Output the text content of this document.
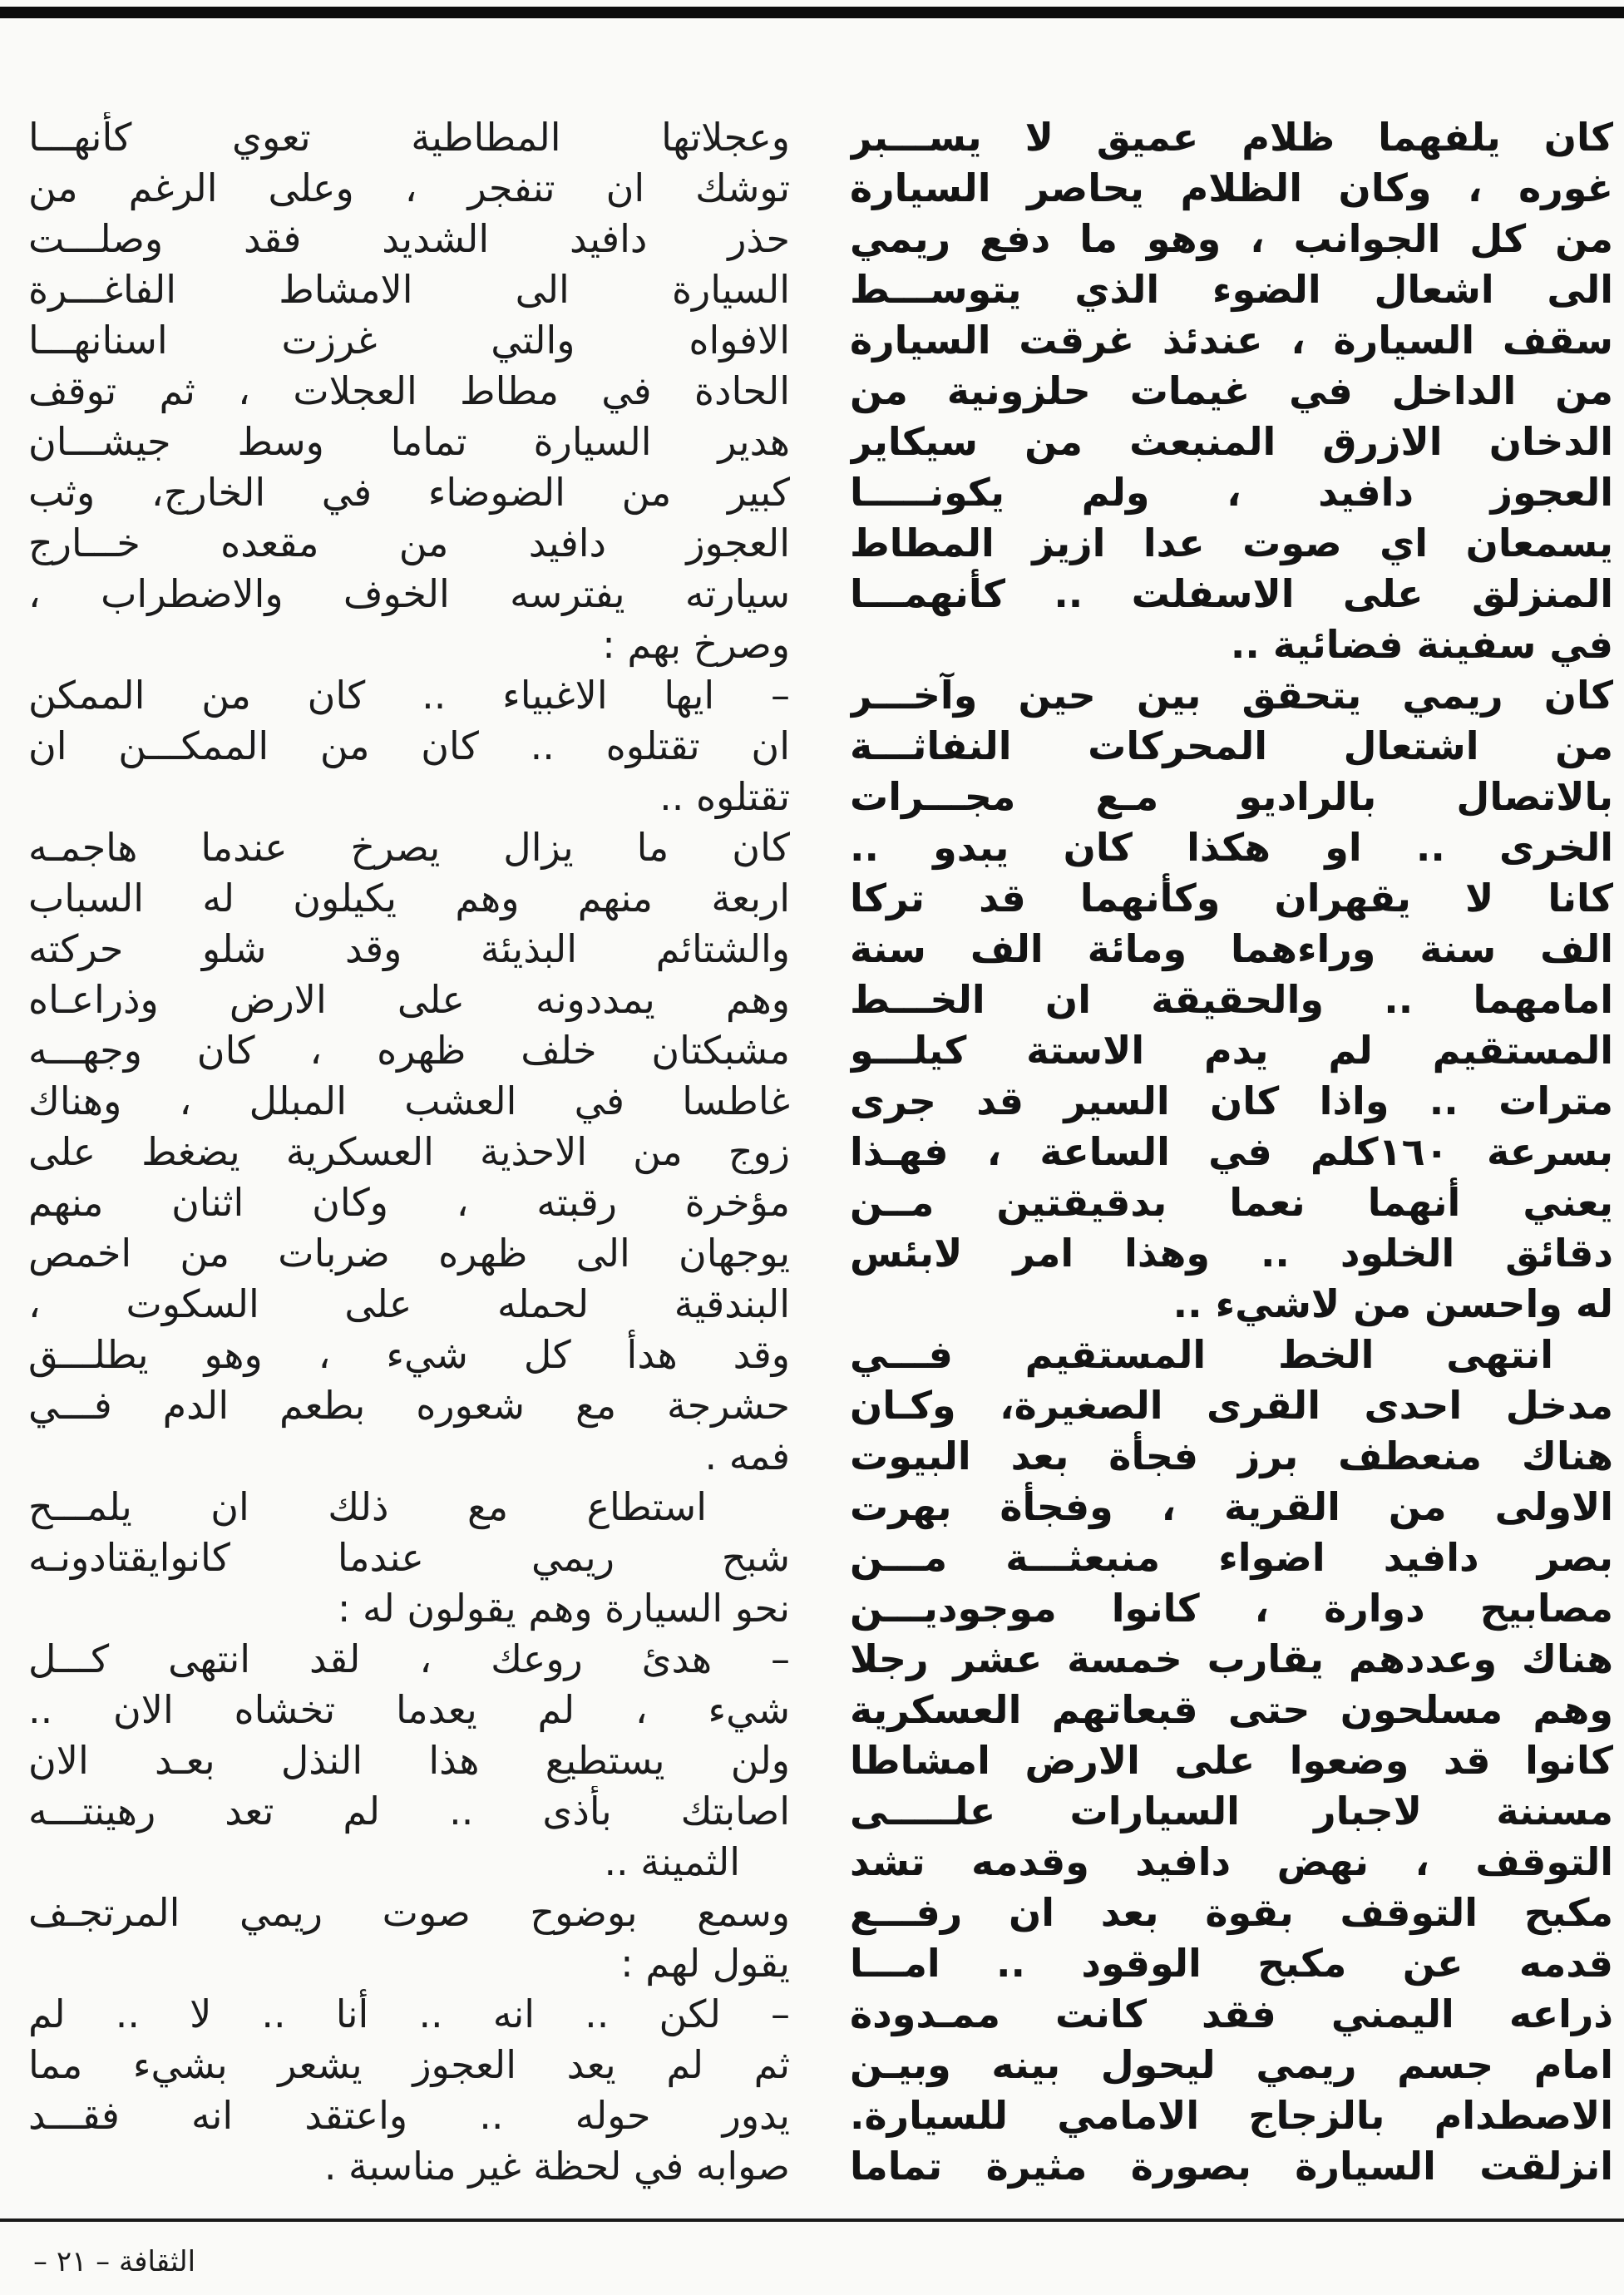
كان يلفهما ظلام عميق لا يســـبر
غوره ، وكان الظلام يحاصر السيارة
من كل الجوانب ، وهو ما دفع ريمي
الى اشعال الضوء الذي يتوســـط
سقف السيارة ، عندئذ غرقت السيارة
من الداخل في غيمات حلزونية من
الدخان الازرق المنبعث من سيكاير
العجوز دافيد ، ولم يكونـــــا
يسمعان اي صوت عدا ازيز المطاط
المنزلق على الاسفلت .. كأنهمـــا
في سفينة فضائية ..
كان ريمي يتحقق بين حين وآخـــر
من اشتعال المحركات النفاثـــة
بالاتصال بالراديو مـع مجـــرات
الخرى .. او هكذا كان يبدو ..
كانا لا يقهران وكأنهما قد تركا
الف سنة وراءهما ومائة الف سنة
امامهما .. والحقيقة ان الخـــط
المستقيم لم يدم الاستة كيلـــو
مترات .. واذا كان السير قد جرى
بسرعة ١٦٠كلم في الساعة ، فهـذا
يعني أنهما نعما بدقيقتين مــن
دقائق الخلود .. وهذا امر لابئس
له واحسن من لاشيء ..
انتهى الخط المستقيم فـــي
مدخل احدى القرى الصغيرة، وكـان
هناك منعطف برز فجأة بعد البيوت
الاولى من القرية ، وفجأة بهرت
بصر دافيد اضواء منبعثـــة مـــن
مصابيح دوارة ، كانوا موجوديـــن
هناك وعددهم يقارب خمسة عشر رجلا
وهم مسلحون حتى قبعاتهم العسكرية
كانوا قد وضعوا على الارض امشاطا
مسننة لاجبار السيارات علـــــى
التوقف ، نهض دافيد وقدمه تشد
مكبح التوقف بقوة بعد ان رفـــع
قدمه عن مكبح الوقود .. امـــا
ذراعه اليمني فقد كانت ممـدودة
امام جسم ريمي ليحول بينه وبيـن
الاصطدام بالزجاج الامامي للسيارة.
انزلقت السيارة بصورة مثيرة تماما
وعجلاتها المطاطية تعوي كأنهـــا
توشك ان تنفجر ، وعلى الرغم من
حذر دافيد الشديد فقد وصلـــت
السيارة الى الامشاط الفاغـــرة
الافواه والتي غرزت اسنانهـــا
الحادة في مطاط العجلات ، ثم توقف
هدير السيارة تماما وسط جيشـــان
كبير من الضوضاء في الخارج، وثب
العجوز دافيد من مقعده خـــارج
سيارته يفترسه الخوف والاضطراب ،
وصرخ بهم :
– ايها الاغبياء .. كان من الممكن
ان تقتلوه .. كان من الممكـــن ان
تقتلوه ..
كان ما يزال يصرخ عندما هاجمـه
اربعة منهم وهم يكيلون له السباب
والشتائم البذيئة وقد شلو حركته
وهم يمددونه على الارض وذراعـاه
مشبكتان خلف ظهره ، كان وجهـــه
غاطسا في العشب المبلل ، وهناك
زوج من الاحذية العسكرية يضغط على
مؤخرة رقبته ، وكان اثنان منهم
يوجهان الى ظهره ضربات من اخمص
البندقية لحمله على السكوت ،
وقد هدأ كل شيء ، وهو يطلـــق
حشرجة مع شعوره بطعم الدم فـــي
فمه .
استطاع مع ذلك ان يلمـــح
شبح ريمي عندما كانوايقتادونـه
نحو السيارة وهم يقولون له :
– هدئ روعك ، لقد انتهى كـــل
شيء ، لم يعدما تخشاه الان ..
ولن يستطيع هذا النذل بعـد الان
اصابتك بأذى .. لم تعد رهينتـــه
الثمينة ..
وسمع بوضوح صوت ريمي المرتجـف
يقول لهم :
– لكن .. انه .. أنا .. لا .. لم
ثم لم يعد العجوز يشعر بشيء مما
يدور حوله .. واعتقد انه فقـــد
صوابه في لحظة غير مناسبة .
الثقافة – ٢١ –
